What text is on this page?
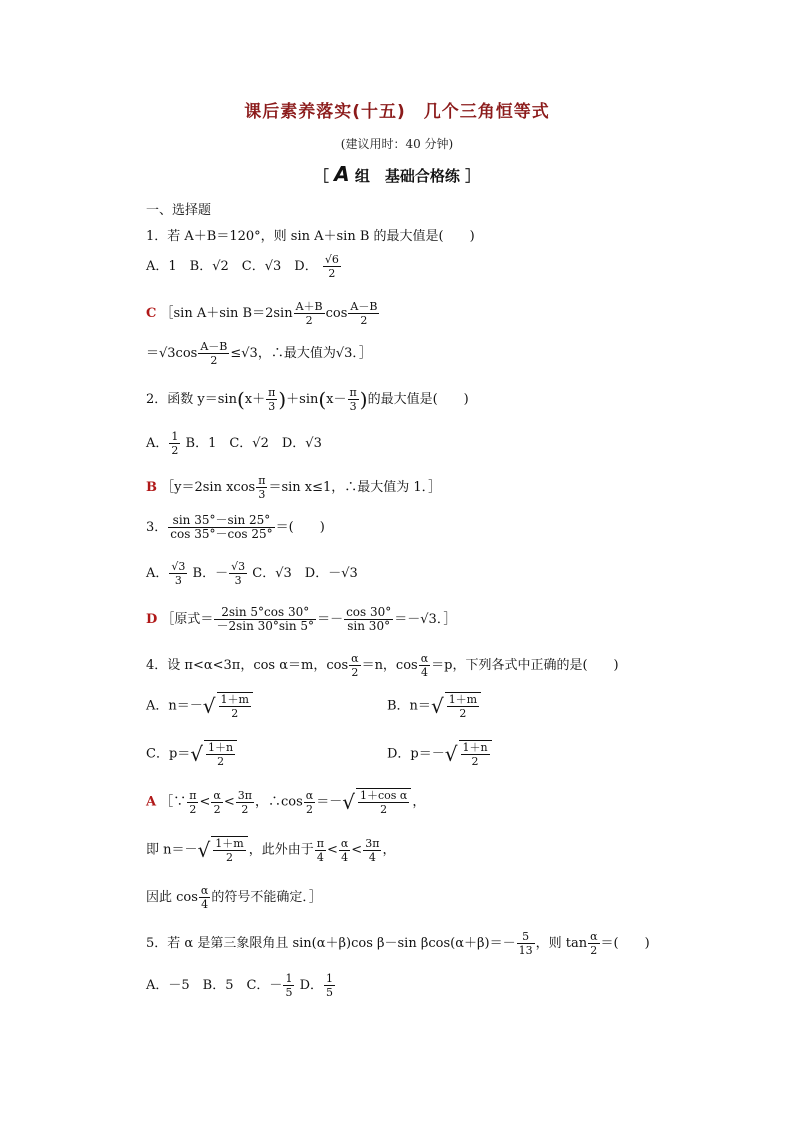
课后素养落实(十五)　几个三角恒等式
(建议用时：40 分钟)
［ A 组　基础合格练 ］
一、选择题
1．若 A＋B＝120°，则 sin A＋sin B 的最大值是(　　)
A．1　B．√2　C．√3　D． $\frac{√6}{2}$
C ［sin A＋sin $B=2\sin \frac{A+B}{2}$ $\cos \frac{A-B}{2}$
$=√3\cos \frac{A-B}{2} \le√3$，∴最大值为√3．］
2．函数 $y=\sin(x+ \frac{\pi}{3} )+\sin(x- \frac{\pi}{3}$ )的最大值是(　　)
A． $\frac{1}{2}$ B．1　C．√2　D．√3
B ［y＝2sin xcos $\frac{\pi}{3} =\sin$ x≤1，∴最大值为 1．］
3． $\frac{\sin 35^\circ-\sin 25^\circ}{\cos 35^\circ-\cos 25^\circ}$ ＝(　　)
A． $\frac{√3}{3}$ B．－ $\frac{√3}{3}$ C．√3　D．－√3
D ［原式＝ $\frac{2\sin 5^\circ\cos 30^\circ}{-2\sin 30^\circ\sin 5^\circ} =- \frac{\cos 30^\circ}{\sin 30^\circ} =-√3$．］
4．设 π<α<3π，cos α＝m，$\cos \frac{\alpha}{2} =n$，$\cos \frac{\alpha}{4} =p$，下列各式中正确的是(　　)
A．$n=-√ \frac{1+m}{2}$	B．$n=√ \frac{1+m}{2}$
C．$p=√ \frac{1+n}{2}$	D．$p=-√ \frac{1+n}{2}$
A ［∵ $\frac{\pi}{2} < \frac{\alpha}{2} < \frac{3\pi}{2}$ ，∴cos $\frac{\alpha}{2}$ ＝－√ $\frac{\text{1＋cos α}}{2}$ ，
即 $n=-√ \frac{1+m}{2}$ ，此外由于 $\frac{\pi}{4} < \frac{\alpha}{4} < \frac{3\pi}{4}$ ，
因此 $\cos \frac{\alpha}{4}$ 的符号不能确定．］
5．若 α 是第三象限角且 sin(α＋β)cos β－sin $\beta\cos(\alpha+\beta)=- \frac{5}{13}$ ，则 $\tan \frac{\alpha}{2}$ ＝(　　)
A．－5　B．5　C．－ $\frac{1}{5}$ D． $\frac{1}{5}$
